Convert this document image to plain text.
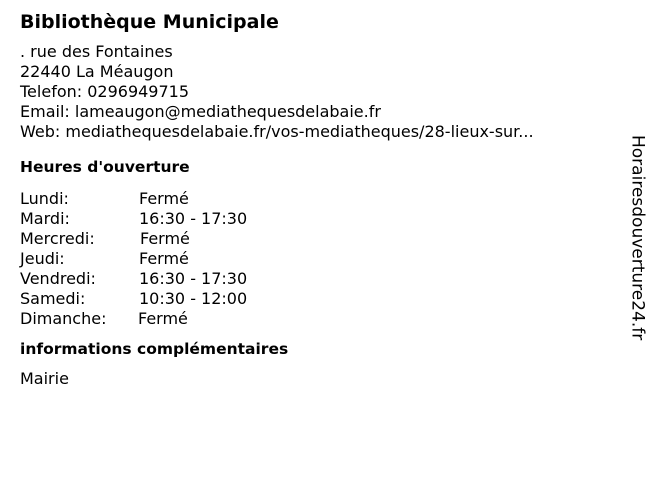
Bibliothèque Municipale
. rue des Fontaines
22440 La Méaugon
Telefon: 0296949715
Email: lameaugon@mediathequesdelabaie.fr
Web: mediathequesdelabaie.fr/vos-mediatheques/28-lieux-sur...
Heures d'ouverture
Lundi:	Fermé
Mardi:	16:30 - 17:30
Mercredi:	Fermé
Jeudi:	Fermé
Vendredi:	16:30 - 17:30
Samedi:	10:30 - 12:00
Dimanche:	Fermé
informations complémentaires
Mairie
Horairesdouverture24.fr
